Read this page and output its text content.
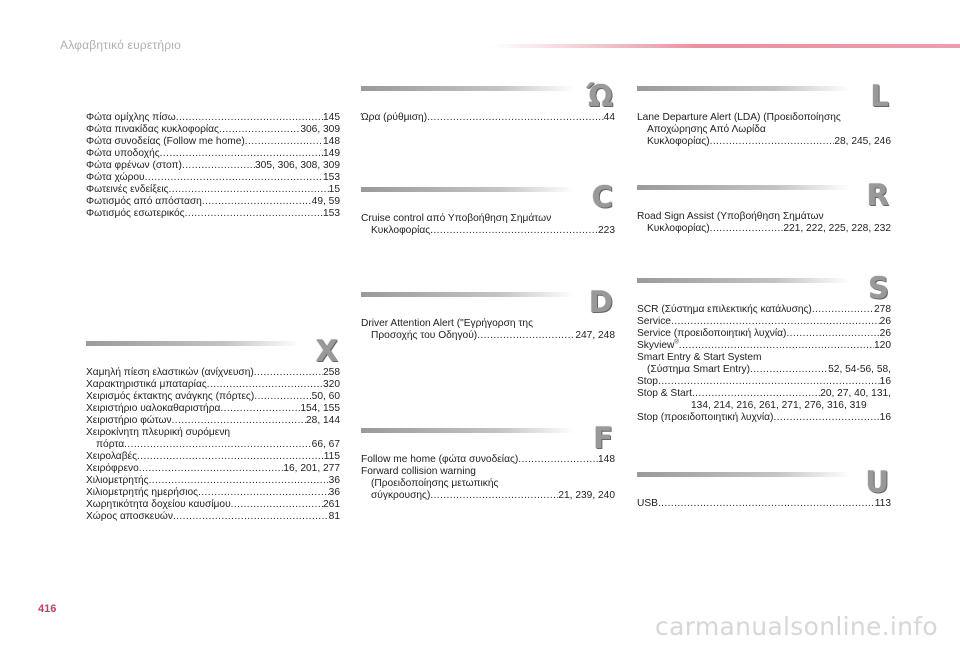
Αλφαβητικό ευρετήριο
Φώτα ομίχλης πίσω .....	145
Φώτα πινακίδας κυκλοφορίας .....	306, 309
Φώτα συνοδείας (Follow me home) .....	148
Φώτα υποδοχής .....	149
Φώτα φρένων (στοπ) .....	305, 306, 308, 309
Φώτα χώρου .....	153
Φωτεινές ενδείξεις .....	15
Φωτισμός από απόσταση .....	49, 59
Φωτισμός εσωτερικός .....	153
X
Χαμηλή πίεση ελαστικών (ανίχνευση) .....	258
Χαρακτηριστικά μπαταρίας .....	320
Χειρισμός έκτακτης ανάγκης (πόρτες) .....	50, 60
Χειριστήριο υαλοκαθαριστήρα .....	154, 155
Χειριστήριο φώτων .....	28, 144
Χειροκίνητη πλευρική συρόμενη
πόρτα .....	66, 67
Χειρολαβές .....	115
Χειρόφρενο .....	16, 201, 277
Χιλιομετρητής .....	36
Χιλιομετρητής ημερήσιος .....	36
Χωρητικότητα δοχείου καυσίμου .....	261
Χώρος αποσκευών .....	81
Ώ
Ώρα (ρύθμιση) .....	44
C
Cruise control από Υποβοήθηση Σημάτων
Κυκλοφορίας .....	223
D
Driver Attention Alert ("Εγρήγορση της
Προσοχής του Οδηγού) .....	247, 248
F
Follow me home (φώτα συνοδείας) .....	148
Forward collision warning
(Προειδοποίησης μετωπικής
σύγκρουσης) .....	21, 239, 240
L
Lane Departure Alert (LDA) (Προειδοποίησης
Αποχώρησης Από Λωρίδα
Κυκλοφορίας) .....	28, 245, 246
R
Road Sign Assist (Υποβοήθηση Σημάτων
Κυκλοφορίας) .....	221, 222, 225, 228, 232
S
SCR (Σύστημα επιλεκτικής κατάλυσης) .....	278
Service .....	26
Service (προειδοποιητική λυχνία) .....	26
Skyview® .....	120
Smart Entry & Start System
(Σύστημα Smart Entry) .....	52, 54-56, 58,
Stop .....	16
Stop & Start .....	20, 27, 40, 131,
134, 214, 216, 261, 271, 276, 316, 319
Stop (προειδοποιητική λυχνία) .....	16
U
USB .....	113
416
carmanualsonline.info
